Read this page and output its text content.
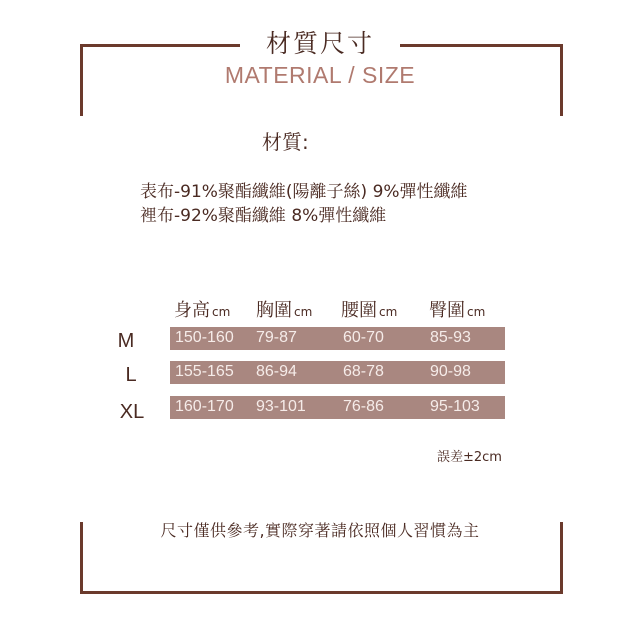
材質尺寸
MATERIAL / SIZE
材質:
表布-91%聚酯纖維(陽離子絲) 9%彈性纖維
裡布-92%聚酯纖維 8%彈性纖維
身高 cm 胸圍 cm 腰圍 cm 臀圍 cm
M	150-160 79-87	60-70	85-93
L	155-165 86-94	68-78	90-98
XL	160-170 93-101 76-86	95-103
誤差±2cm
尺寸僅供參考,實際穿著請依照個人習慣為主
